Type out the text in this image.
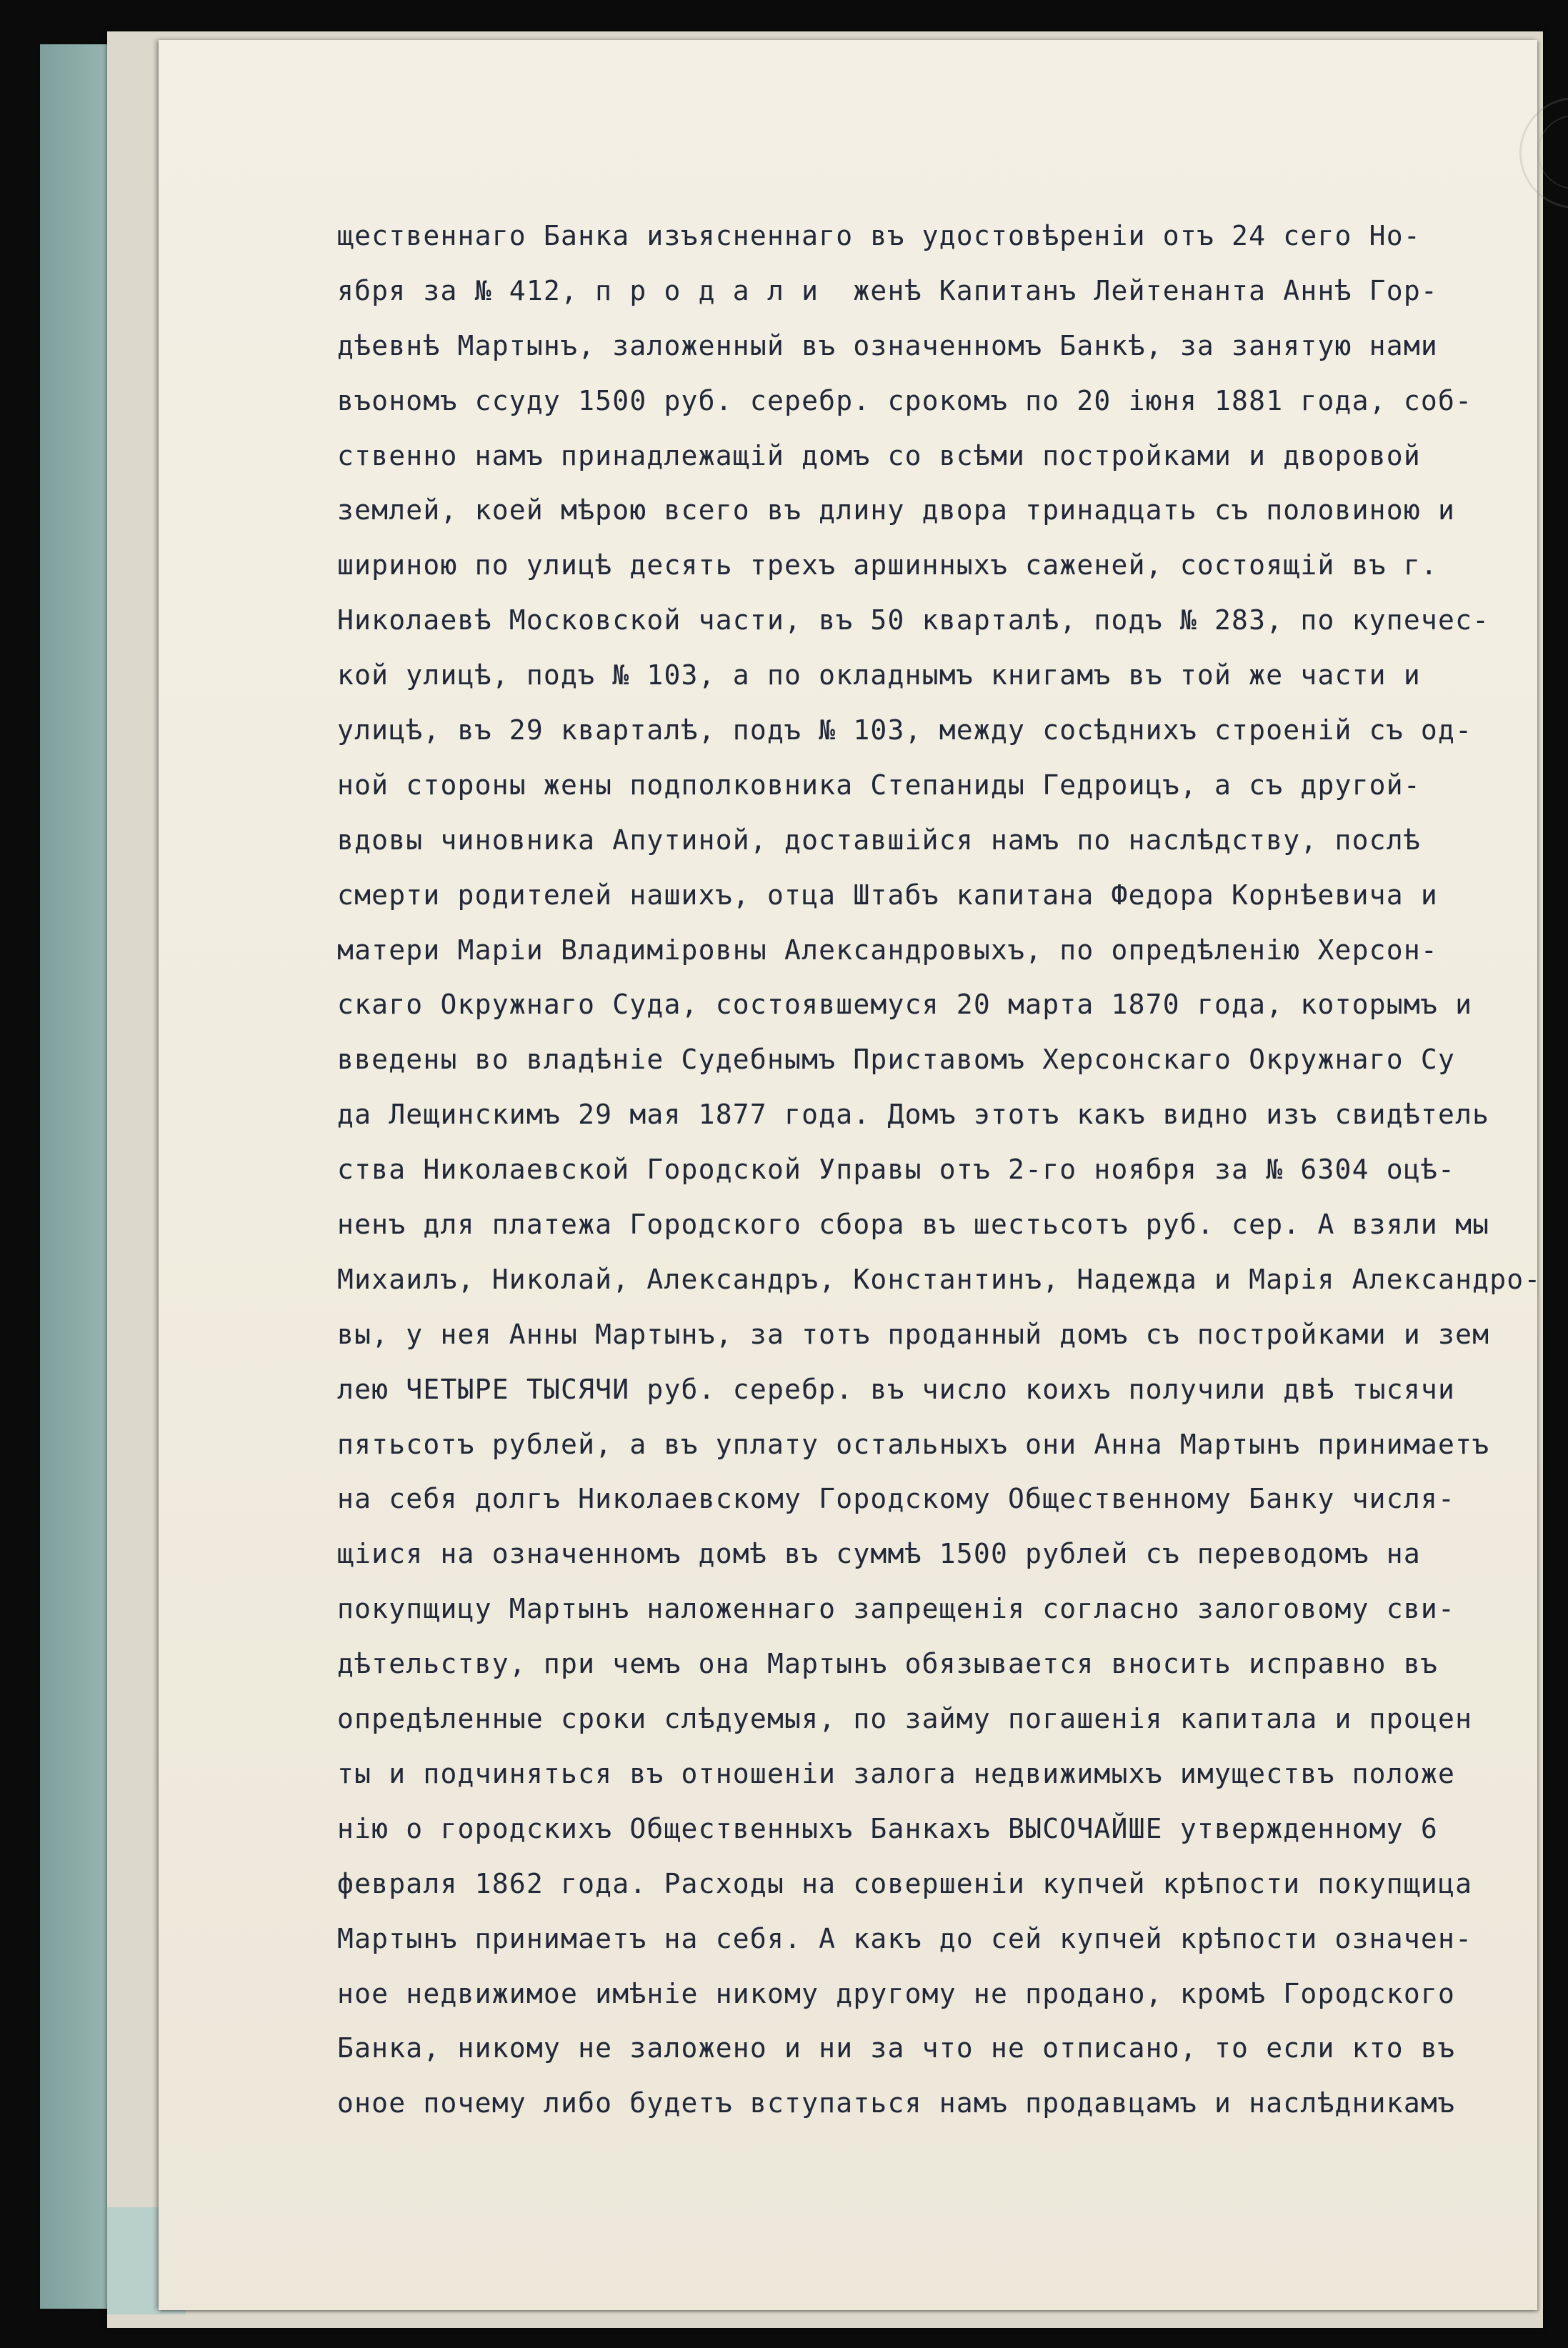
щественнаго Банка изъясненнаго въ удостовѣреніи отъ 24 сего Но-
ября за № 412, п р о д а л и  женѣ Капитанъ Лейтенанта Аннѣ Гор-
дѣевнѣ Мартынъ, заложенный въ означенномъ Банкѣ, за занятую нами
въономъ ссуду 1500 руб. серебр. срокомъ по 20 іюня 1881 года, соб-
ственно намъ принадлежащій домъ со всѣми постройками и дворовой
землей, коей мѣрою всего въ длину двора тринадцать съ половиною и
шириною по улицѣ десять трехъ аршинныхъ саженей, состоящій въ г.
Николаевѣ Московской части, въ 50 кварталѣ, подъ № 283, по купечес-
кой улицѣ, подъ № 103, а по окладнымъ книгамъ въ той же части и
улицѣ, въ 29 кварталѣ, подъ № 103, между сосѣднихъ строеній съ од-
ной стороны жены подполковника Степаниды Гедроицъ, а съ другой-
вдовы чиновника Апутиной, доставшійся намъ по наслѣдству, послѣ
смерти родителей нашихъ, отца Штабъ капитана Федора Корнѣевича и
матери Маріи Владиміровны Александровыхъ, по опредѣленію Херсон-
скаго Окружнаго Суда, состоявшемуся 20 марта 1870 года, которымъ и
введены во владѣніе Судебнымъ Приставомъ Херсонскаго Окружнаго Су
да Лещинскимъ 29 мая 1877 года. Домъ этотъ какъ видно изъ свидѣтель
ства Николаевской Городской Управы отъ 2-го ноября за № 6304 оцѣ-
ненъ для платежа Городского сбора въ шестьсотъ руб. сер. А взяли мы
Михаилъ, Николай, Александръ, Константинъ, Надежда и Марія Александро-
вы, у нея Анны Мартынъ, за тотъ проданный домъ съ постройками и зем
лею ЧЕТЫРЕ ТЫСЯЧИ руб. серебр. въ число коихъ получили двѣ тысячи
пятьсотъ рублей, а въ уплату остальныхъ они Анна Мартынъ принимаетъ
на себя долгъ Николаевскому Городскому Общественному Банку числя-
щіися на означенномъ домѣ въ суммѣ 1500 рублей съ переводомъ на
покупщицу Мартынъ наложеннаго запрещенія согласно залоговому сви-
дѣтельству, при чемъ она Мартынъ обязывается вносить исправно въ
опредѣленные сроки слѣдуемыя, по займу погашенія капитала и процен
ты и подчиняться въ отношеніи залога недвижимыхъ имуществъ положе
нію о городскихъ Общественныхъ Банкахъ ВЫСОЧАЙШЕ утвержденному 6
февраля 1862 года. Расходы на совершеніи купчей крѣпости покупщица
Мартынъ принимаетъ на себя. А какъ до сей купчей крѣпости означен-
ное недвижимое имѣніе никому другому не продано, кромѣ Городского
Банка, никому не заложено и ни за что не отписано, то если кто въ
оное почему либо будетъ вступаться намъ продавцамъ и наслѣдникамъ
